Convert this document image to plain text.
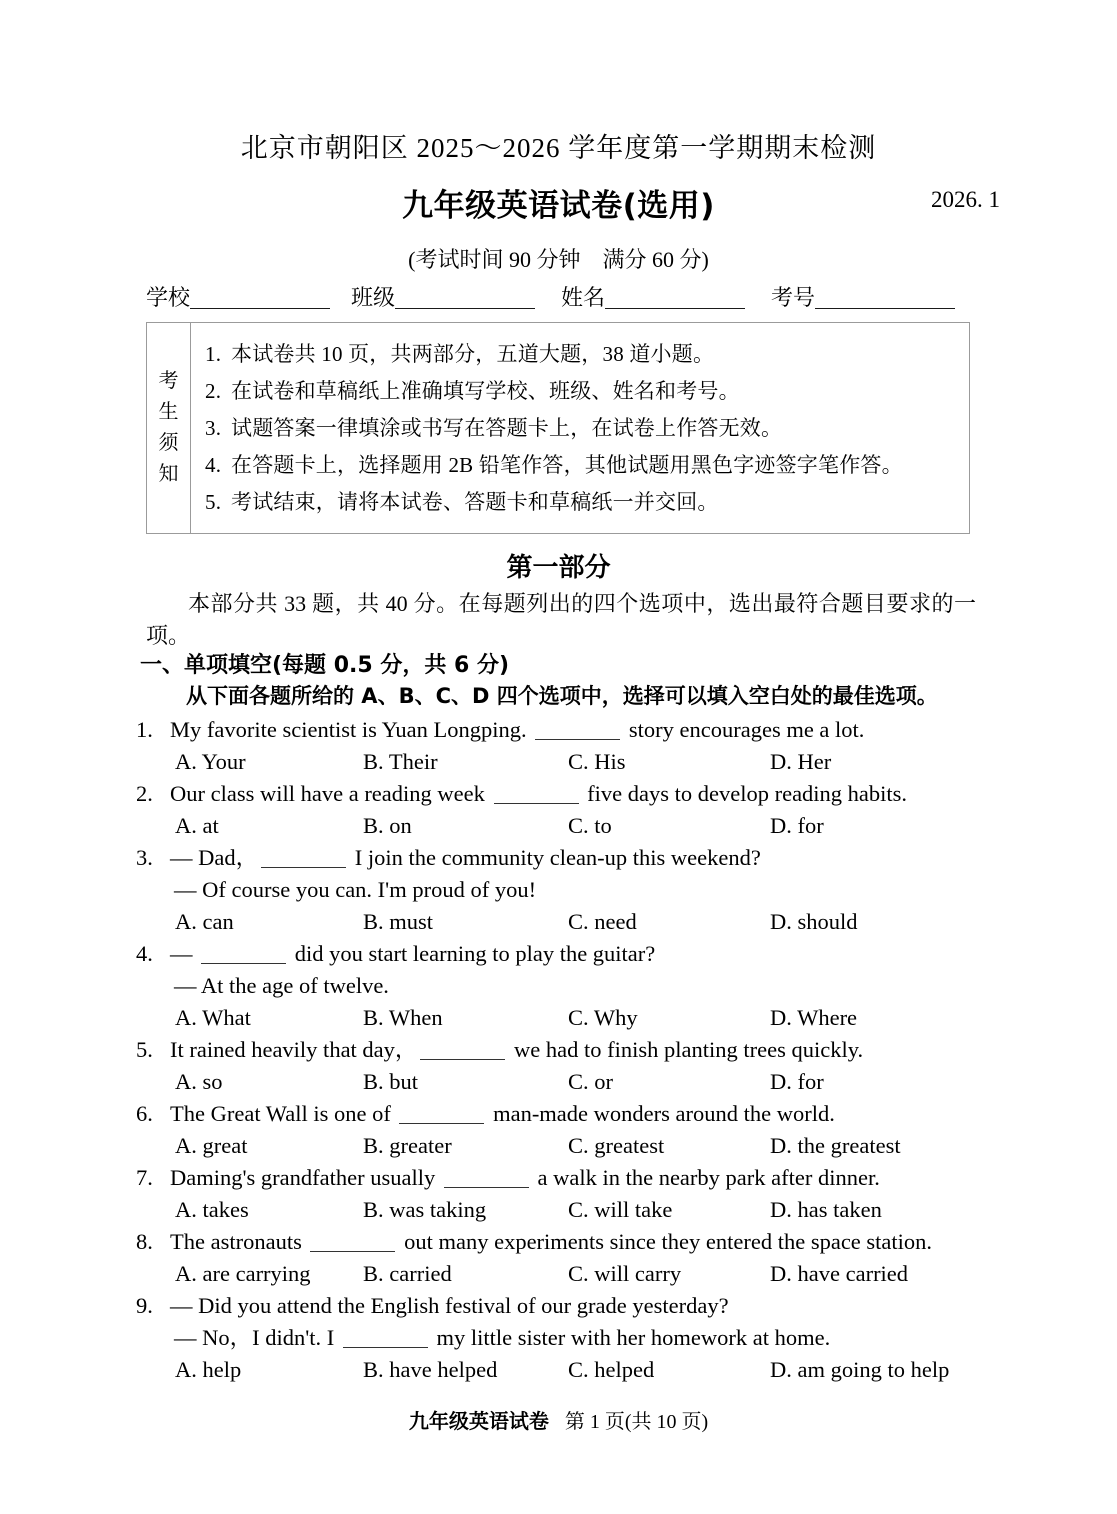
北京市朝阳区 2025～2026 学年度第一学期期末检测
九年级英语试卷(选用)	2026. 1
(考试时间 90 分钟　满分 60 分)
学校	班级	姓名	考号
考
生
须
知
1. 本试卷共 10 页，共两部分，五道大题，38 道小题。
2. 在试卷和草稿纸上准确填写学校、班级、姓名和考号。
3. 试题答案一律填涂或书写在答题卡上，在试卷上作答无效。
4. 在答题卡上，选择题用 2B 铅笔作答，其他试题用黑色字迹签字笔作答。
5. 考试结束，请将本试卷、答题卡和草稿纸一并交回。
第一部分
本部分共 33 题，共 40 分。在每题列出的四个选项中，选出最符合题目要求的一项。
一、单项填空(每题 0.5 分，共 6 分)
从下面各题所给的 A、B、C、D 四个选项中，选择可以填入空白处的最佳选项。
1. My favorite scientist is Yuan Longping.	story encourages me a lot.
A. Your	B. Their	C. His	D. Her
2. Our class will have a reading week	five days to develop reading habits.
A. at	B. on	C. to	D. for
3. — Dad，	I join the community clean-up this weekend?
— Of course you can. I'm proud of you!
A. can	B. must	C. need	D. should
4. —	did you start learning to play the guitar?
— At the age of twelve.
A. What	B. When	C. Why	D. Where
5. It rained heavily that day，	we had to finish planting trees quickly.
A. so	B. but	C. or	D. for
6. The Great Wall is one of	man-made wonders around the world.
A. great	B. greater	C. greatest	D. the greatest
7. Daming's grandfather usually	a walk in the nearby park after dinner.
A. takes	B. was taking	C. will take	D. has taken
8. The astronauts	out many experiments since they entered the space station.
A. are carrying B. carried	C. will carry	D. have carried
9. — Did you attend the English festival of our grade yesterday?
— No，I didn't. I	my little sister with her homework at home.
A. help	B. have helped	C. helped	D. am going to help
九年级英语试卷 第 1 页(共 10 页)
